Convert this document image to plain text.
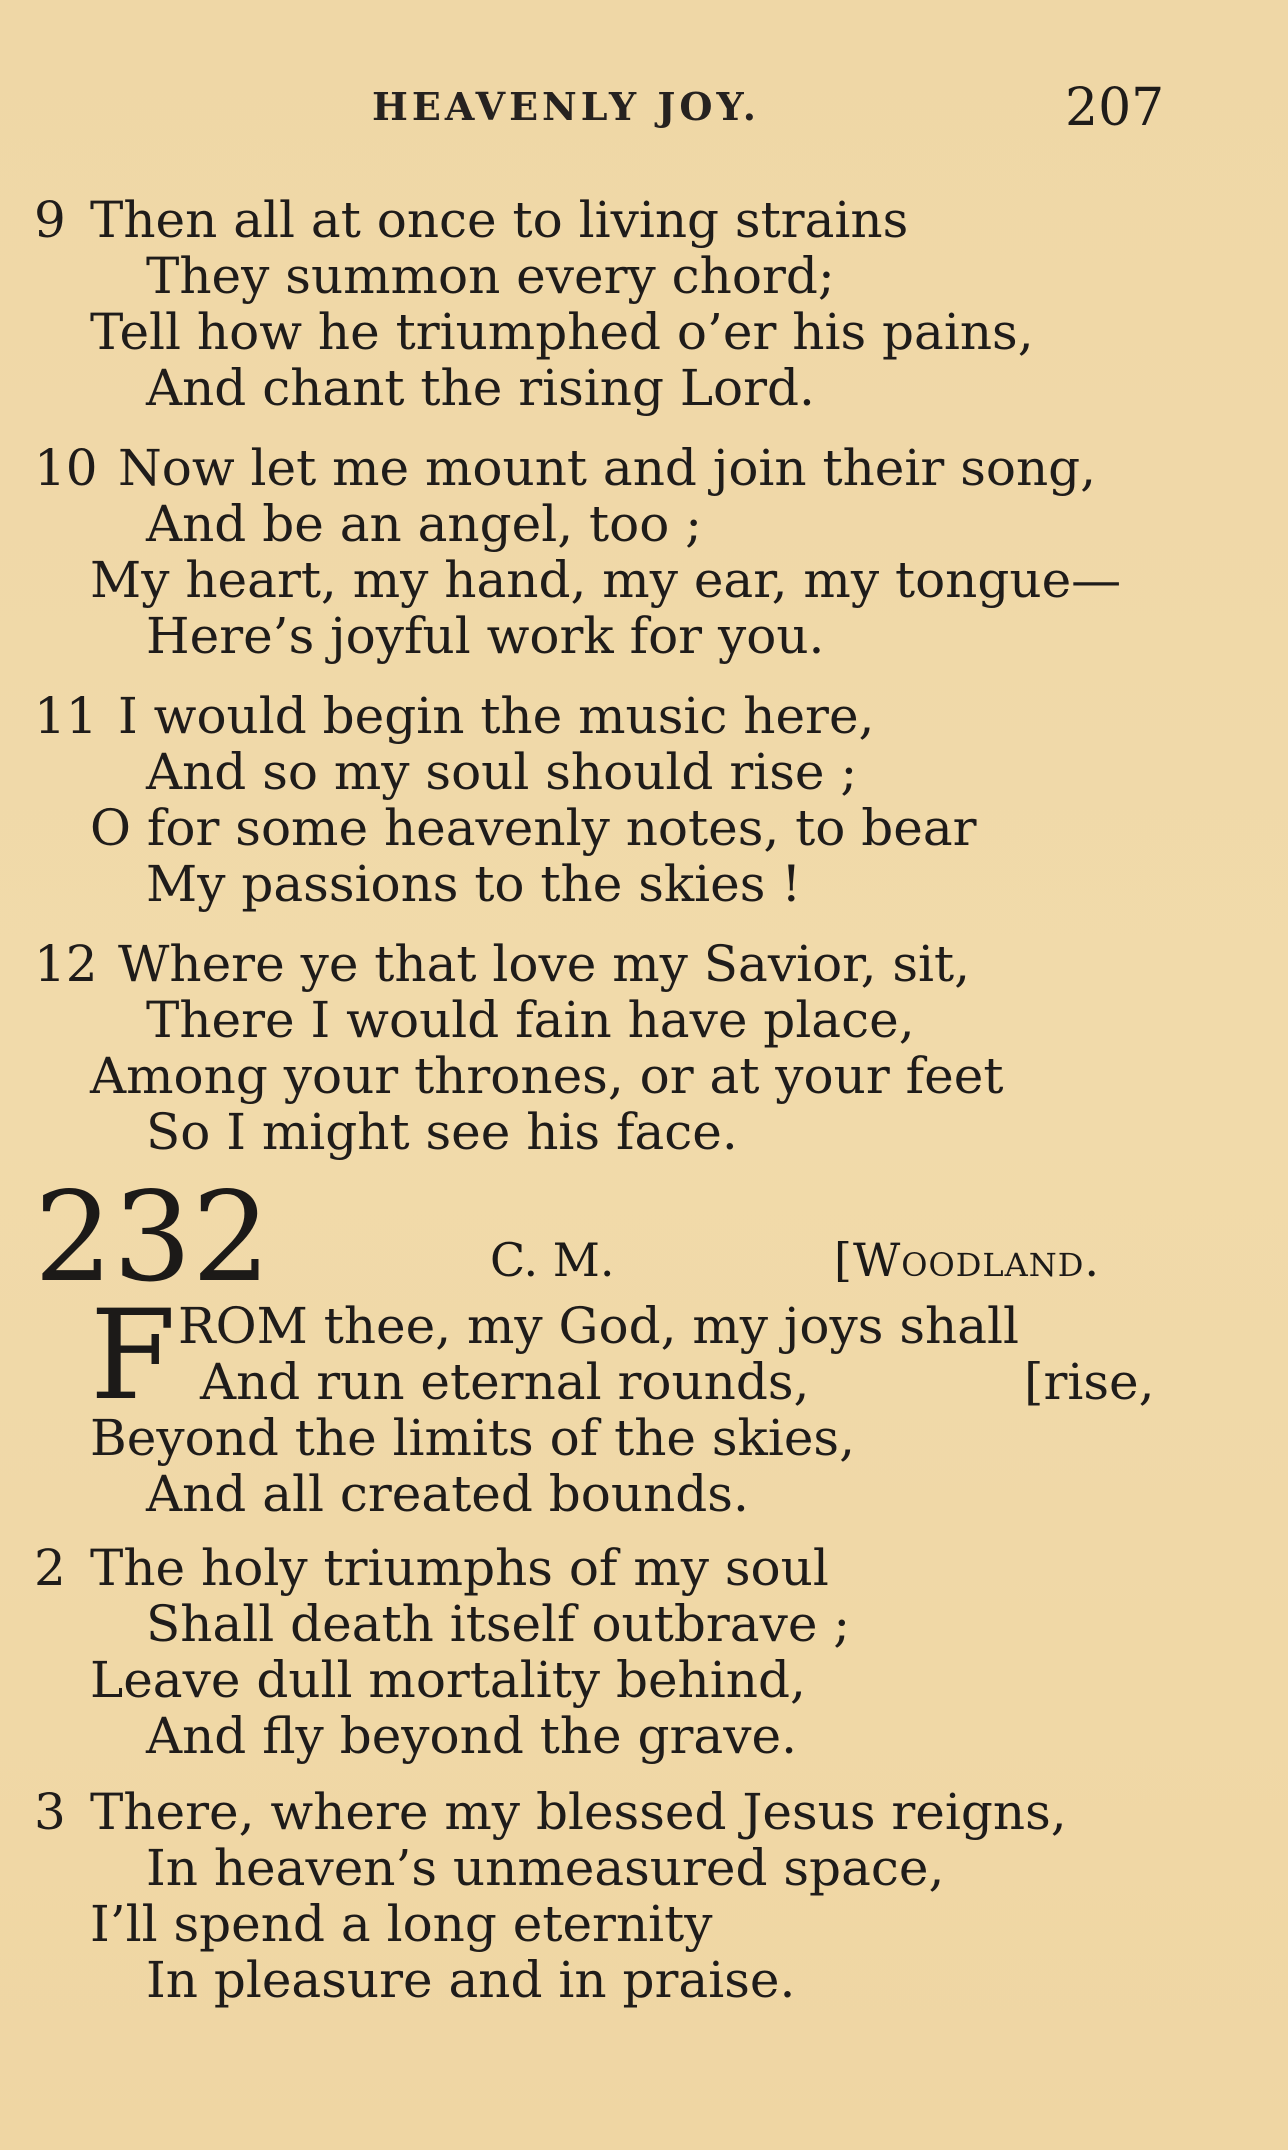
HEAVENLY JOY.	207
9 Then all at once to living strains
They summon every chord;
Tell how he triumphed o’er his pains,
And chant the rising Lord.
10 Now let me mount and join their song,
And be an angel, too ;
My heart, my hand, my ear, my tongue—
Here’s joyful work for you.
11 I would begin the music here,
And so my soul should rise ;
O for some heavenly notes, to bear
My passions to the skies !
12 Where ye that love my Savior, sit,
There I would fain have place,
Among your thrones, or at your feet
So I might see his face.
232	C. M.	[Woodland.
F ROM thee, my God, my joys shall
And run eternal rounds,	[rise,
Beyond the limits of the skies,
And all created bounds.
2 The holy triumphs of my soul
Shall death itself outbrave ;
Leave dull mortality behind,
And fly beyond the grave.
3 There, where my blessed Jesus reigns,
In heaven’s unmeasured space,
I’ll spend a long eternity
In pleasure and in praise.
